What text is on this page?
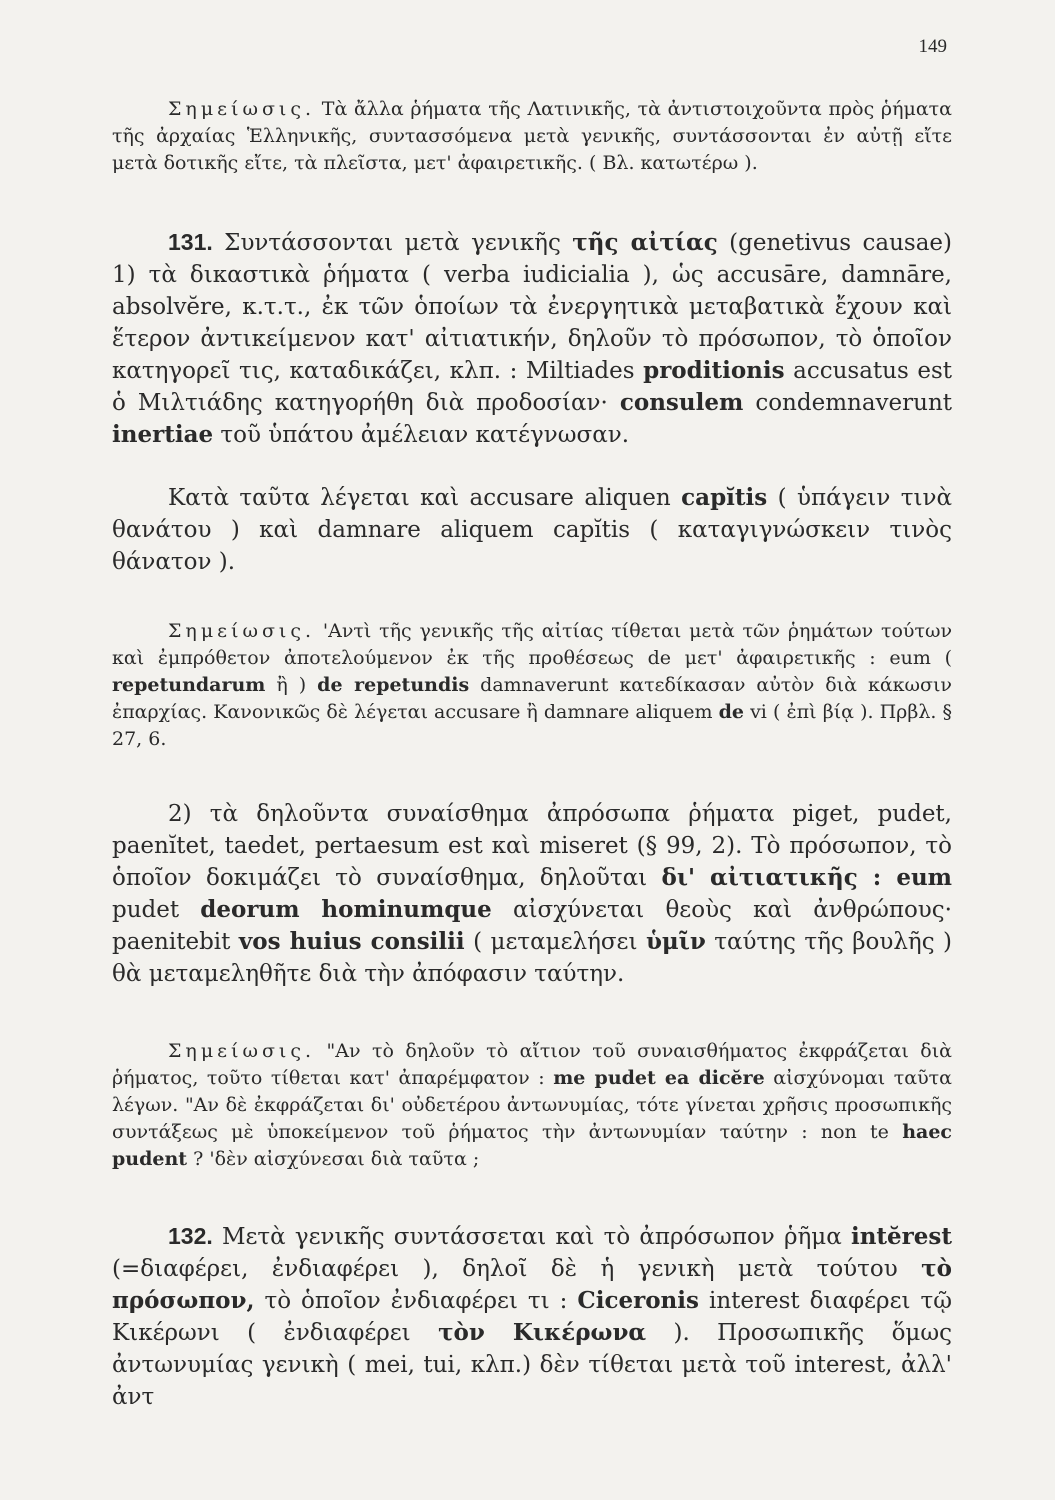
149

Σημείωσις. Τὰ ἄλλα ῥήματα τῆς Λατινικῆς, τὰ ἀντιστοιχοῦντα πρὸς ῥήματα τῆς ἀρχαίας Ἑλληνικῆς, συντασσόμενα μετὰ γενικῆς, συντάσσονται ἐν αὐτῇ εἴτε μετὰ δοτικῆς εἴτε, τὰ πλεῖστα, μετ' ἀφαιρετικῆς. ( Βλ. κατωτέρω ).

131. Συντάσσονται μετὰ γενικῆς τῆς αἰτίας (genetivus causae) 1) τὰ δικαστικὰ ῥήματα ( verba iudicialia ), ὡς accusāre, damnāre, absolvĕre, κ.τ.τ., ἐκ τῶν ὁποίων τὰ ἐνεργητικὰ μεταβατικὰ ἔχουν καὶ ἕτερον ἀντικείμενον κατ' αἰτιατικήν, δηλοῦν τὸ πρόσωπον, τὸ ὁποῖον κατηγορεῖ τις, καταδικάζει, κλπ. : Miltiades proditionis accusatus est ὁ Μιλτιάδης κατηγορήθη διὰ προδοσίαν· consulem condemnaverunt inertiae τοῦ ὑπάτου ἀμέλειαν κατέγνωσαν.

Κατὰ ταῦτα λέγεται καὶ accusare aliquen capĭtis ( ὑπάγειν τινὰ θανάτου ) καὶ damnare aliquem capĭtis ( καταγιγνώσκειν τινὸς θάνατον ).

Σημείωσις. 'Αντὶ τῆς γενικῆς τῆς αἰτίας τίθεται μετὰ τῶν ῥημάτων τούτων καὶ ἐμπρόθετον ἀποτελούμενον ἐκ τῆς προθέσεως de μετ' ἀφαιρετικῆς : eum ( repetundarum ἢ ) de repetundis damnaverunt κατεδίκασαν αὐτὸν διὰ κάκωσιν ἐπαρχίας. Κανονικῶς δὲ λέγεται accusare ἢ damnare aliquem de vi ( ἐπὶ βίᾳ ). Πρβλ. § 27, 6.

2) τὰ δηλοῦντα συναίσθημα ἀπρόσωπα ῥήματα piget, pudet, paenĭtet, taedet, pertaesum est καὶ miseret (§ 99, 2). Τὸ πρόσωπον, τὸ ὁποῖον δοκιμάζει τὸ συναίσθημα, δηλοῦται δι' αἰτιατικῆς : eum pudet deorum hominumque αἰσχύνεται θεοὺς καὶ ἀνθρώπους· paenitebit vos huius consilii ( μεταμελήσει ὑμῖν ταύτης τῆς βουλῆς ) θὰ μεταμεληθῆτε διὰ τὴν ἀπόφασιν ταύτην.

Σημείωσις. "Αν τὸ δηλοῦν τὸ αἴτιον τοῦ συναισθήματος ἐκφράζεται διὰ ῥήματος, τοῦτο τίθεται κατ' ἀπαρέμφατον : me pudet ea dicĕre αἰσχύνομαι ταῦτα λέγων. "Αν δὲ ἐκφράζεται δι' οὐδετέρου ἀντωνυμίας, τότε γίνεται χρῆσις προσωπικῆς συντάξεως μὲ ὑποκείμενον τοῦ ῥήματος τὴν ἀντωνυμίαν ταύτην : non te haec pudent ? 'δὲν αἰσχύνεσαι διὰ ταῦτα ;

132. Μετὰ γενικῆς συντάσσεται καὶ τὸ ἀπρόσωπον ῥῆμα intĕrest (=διαφέρει, ἐνδιαφέρει ), δηλοῖ δὲ ἡ γενικὴ μετὰ τούτου τὸ πρόσωπον, τὸ ὁποῖον ἐνδιαφέρει τι : Ciceronis interest διαφέρει τῷ Κικέρωνι ( ἐνδιαφέρει τὸν Κικέρωνα ). Προσωπικῆς ὅμως ἀντωνυμίας γενικὴ ( mei, tui, κλπ.) δὲν τίθεται μετὰ τοῦ interest, ἀλλ' ἀντ
